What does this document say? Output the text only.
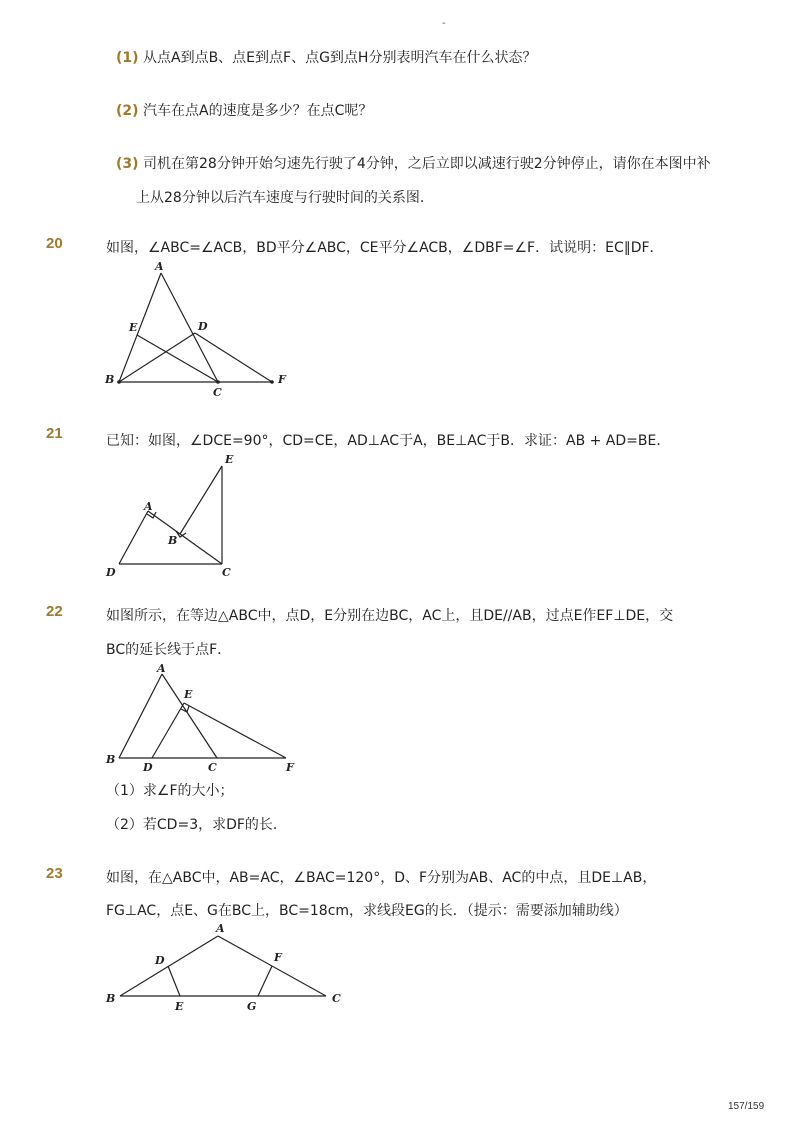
-
(1) 从点A到点B、点E到点F、点G到点H分别表明汽车在什么状态？
(2) 汽车在点A的速度是多少？在点C呢？
(3) 司机在第28分钟开始匀速先行驶了4分钟，之后立即以减速行驶2分钟停止，请你在本图中补
上从28分钟以后汽车速度与行驶时间的关系图．
20	如图，∠ABC=∠ACB，BD平分∠ABC，CE平分∠ACB，∠DBF=∠F．试说明：EC∥DF．
A
B
C
D
E
F
21	已知：如图，∠DCE=90°，CD=CE，AD⊥AC于A，BE⊥AC于B．求证：AB + AD=BE．
E
A
B
D	C
22	如图所示，在等边△ABC中，点D，E分别在边BC，AC上，且DE//AB，过点E作EF⊥DE，交
BC的延长线于点F．
A
B
D	C
E
F
（1）求∠F的大小；
（2）若CD=3，求DF的长．
23	如图，在△ABC中，AB=AC，∠BAC=120°，D、F分别为AB、AC的中点，且DE⊥AB，
FG⊥AC，点E、G在BC上，BC=18cm，求线段EG的长．（提示：需要添加辅助线）
A
B	C
D
E
F
G
157/159
